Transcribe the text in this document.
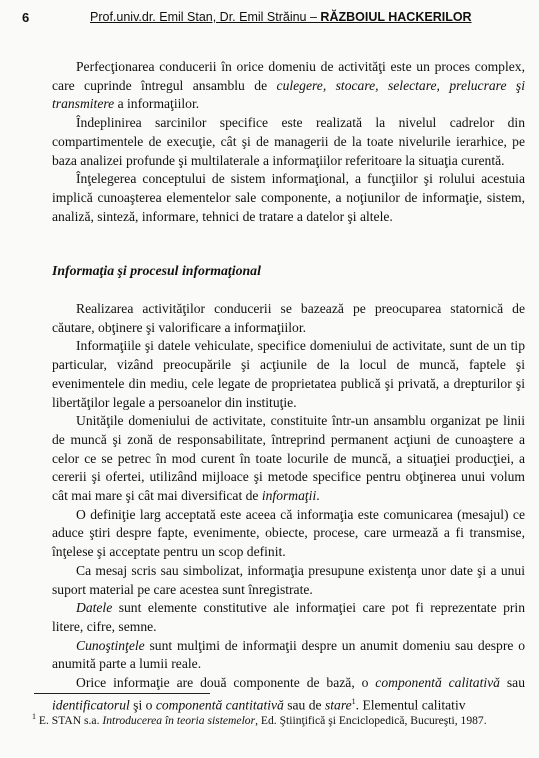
6	Prof.univ.dr. Emil Stan, Dr. Emil Străinu – RĂZBOIUL HACKERILOR

Perfecţionarea conducerii în orice domeniu de activităţi este un proces complex, care cuprinde întregul ansamblu de culegere, stocare, selectare, prelucrare şi transmitere a informaţiilor.

Îndeplinirea sarcinilor specifice este realizată la nivelul cadrelor din compartimentele de execuţie, cât şi de managerii de la toate nivelurile ierarhice, pe baza analizei profunde şi multilaterale a informaţiilor referitoare la situaţia curentă.

Înţelegerea conceptului de sistem informaţional, a funcţiilor şi rolului acestuia implică cunoaşterea elementelor sale componente, a noţiunilor de informaţie, sistem, analiză, sinteză, informare, tehnici de tratare a datelor şi altele.

Informaţia şi procesul informaţional

Realizarea activităţilor conducerii se bazează pe preocuparea statornică de căutare, obţinere şi valorificare a informaţiilor.

Informaţiile şi datele vehiculate, specifice domeniului de activitate, sunt de un tip particular, vizând preocupările şi acţiunile de la locul de muncă, faptele şi evenimentele din mediu, cele legate de proprietatea publică şi privată, a drepturilor şi libertăţilor legale a persoanelor din instituţie.

Unităţile domeniului de activitate, constituite într-un ansamblu organizat pe linii de muncă şi zonă de responsabilitate, întreprind permanent acţiuni de cunoaştere a celor ce se petrec în mod curent în toate locurile de muncă, a situaţiei producţiei, a cererii şi ofertei, utilizând mijloace şi metode specifice pentru obţinerea unui volum cât mai mare şi cât mai diversificat de informaţii.

O definiţie larg acceptată este aceea că informaţia este comunicarea (mesajul) ce aduce ştiri despre fapte, evenimente, obiecte, procese, care urmează a fi transmise, înţelese şi acceptate pentru un scop definit.

Ca mesaj scris sau simbolizat, informaţia presupune existenţa unor date şi a unui suport material pe care acestea sunt înregistrate.

Datele sunt elemente constitutive ale informaţiei care pot fi reprezentate prin litere, cifre, semne.

Cunoştinţele sunt mulţimi de informaţii despre un anumit domeniu sau despre o anumită parte a lumii reale.

Orice informaţie are două componente de bază, o componentă calitativă sau identificatorul şi o componentă cantitativă sau de stare$^1$. Elementul calitativ

$^1$ E. STAN s.a. Introducerea în teoria sistemelor, Ed. Ştiinţifică şi Enciclopedică, Bucureşti, 1987.
